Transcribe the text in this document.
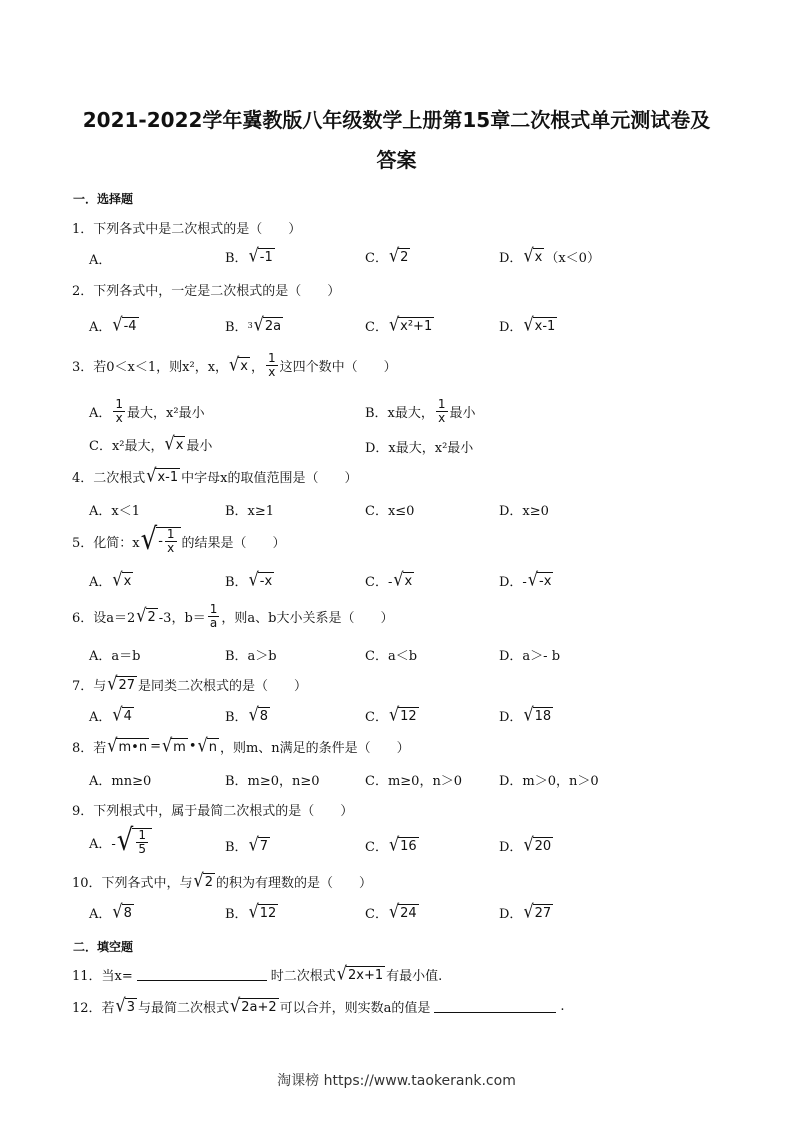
2021-2022学年冀教版八年级数学上册第15章二次根式单元测试卷及
答案
一．选择题
1．下列各式中是二次根式的是（　　）
A．	B． √ -1	C． √ 2	D． √ x （x＜0）
2．下列各式中，一定是二次根式的是（　　）
A． √ -4	B． 3 √ 2a	C． √ x²+1	D． √ x-1
3．若0＜x＜1，则x²，x， √ x ， $\frac{1}{x}$ 这四个数中（　　）
A． $\frac{1}{x}$ 最大，x²最小	B．x最大， $\frac{1}{x}$ 最小
C．x²最大， √ x 最小	D．x最大，x²最小
4．二次根式 √ x-1 中字母x的取值范围是（　　）
A．x＜1	B．x≥1	C．x≤0	D．x≥0
5．化简：x √ - $\frac{1}{x}$ 的结果是（　　）
A． √ x	B． √ -x	C．- √ x	D．- √ -x
6．设a＝2 √ 2 -3，$b= \frac{1}{a}$ ，则a、b大小关系是（　　）
A．a＝b	B．a＞b	C．a＜b	D．a＞- b
7．与 √ 27 是同类二次根式的是（　　）
A． √ 4	B． √ 8	C． √ 12	D． √ 18
8．若 √ m•n = √ m • √ n ，则m、n满足的条件是（　　）
A．mn≥0	B．m≥0，n≥0	C．m≥0，n＞0	D．m＞0，n＞0
9．下列根式中，属于最简二次根式的是（　　）
A．- √ $\frac{1}{5}$	B． √ 7	C． √ 16	D． √ 20
10．下列各式中，与 √ 2 的积为有理数的是（　　）
A． √ 8	B． √ 12	C． √ 24	D． √ 27
二．填空题
11．当x=	时二次根式 √ 2x+1 有最小值.
12．若 √ 3 与最简二次根式 √ 2a+2 可以合并，则实数a的值是	.
淘课榜 https://www.taokerank.com
